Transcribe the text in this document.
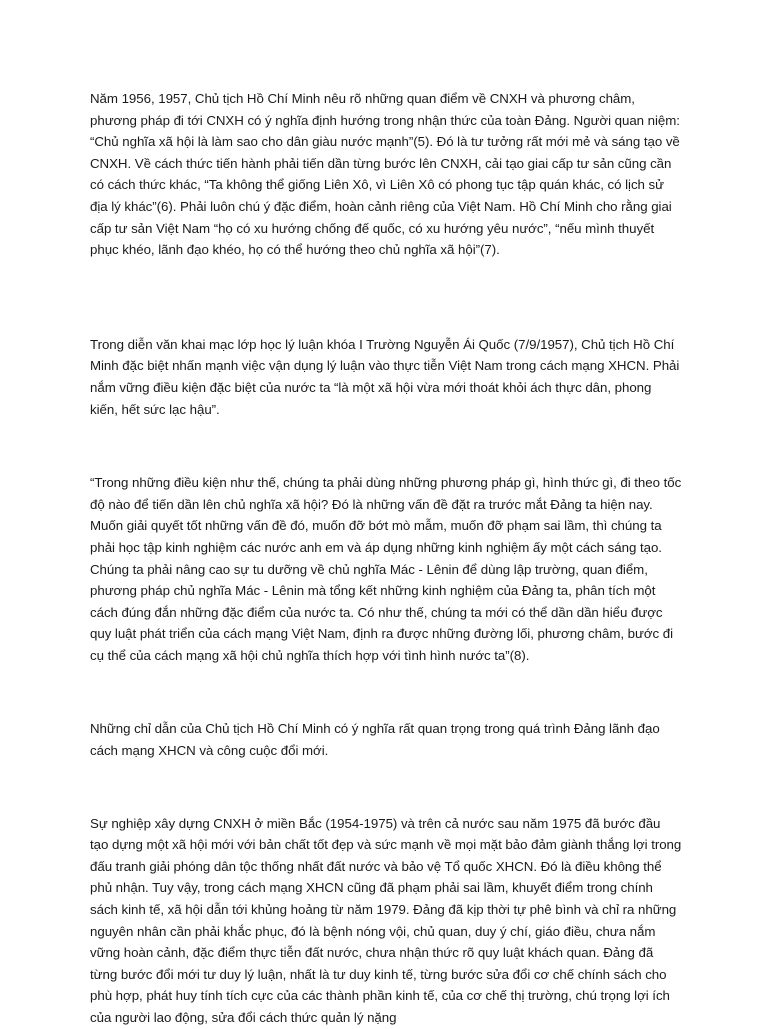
Năm 1956, 1957, Chủ tịch Hồ Chí Minh nêu rõ những quan điểm về CNXH và phương châm, phương pháp đi tới CNXH có ý nghĩa định hướng trong nhận thức của toàn Đảng. Người quan niệm: “Chủ nghĩa xã hội là làm sao cho dân giàu nước mạnh”(5). Đó là tư tưởng rất mới mẻ và sáng tạo về CNXH. Về cách thức tiến hành phải tiến dần từng bước lên CNXH, cải tạo giai cấp tư sản cũng cần có cách thức khác, “Ta không thể giống Liên Xô, vì Liên Xô có phong tục tập quán khác, có lịch sử địa lý khác”(6). Phải luôn chú ý đặc điểm, hoàn cảnh riêng của Việt Nam. Hồ Chí Minh cho rằng giai cấp tư sản Việt Nam “họ có xu hướng chống đế quốc, có xu hướng yêu nước”, “nếu mình thuyết phục khéo, lãnh đạo khéo, họ có thể hướng theo chủ nghĩa xã hội”(7).

Trong diễn văn khai mạc lớp học lý luận khóa I Trường Nguyễn Ái Quốc (7/9/1957), Chủ tịch Hồ Chí Minh đặc biệt nhấn mạnh việc vận dụng lý luận vào thực tiễn Việt Nam trong cách mạng XHCN. Phải nắm vững điều kiện đặc biệt của nước ta “là một xã hội vừa mới thoát khỏi ách thực dân, phong kiến, hết sức lạc hậu”.

“Trong những điều kiện như thế, chúng ta phải dùng những phương pháp gì, hình thức gì, đi theo tốc độ nào để tiến dần lên chủ nghĩa xã hội? Đó là những vấn đề đặt ra trước mắt Đảng ta hiện nay. Muốn giải quyết tốt những vấn đề đó, muốn đỡ bớt mò mẫm, muốn đỡ phạm sai lầm, thì chúng ta phải học tập kinh nghiệm các nước anh em và áp dụng những kinh nghiệm ấy một cách sáng tạo. Chúng ta phải nâng cao sự tu dưỡng về chủ nghĩa Mác - Lênin để dùng lập trường, quan điểm, phương pháp chủ nghĩa Mác - Lênin mà tổng kết những kinh nghiệm của Đảng ta, phân tích một cách đúng đắn những đặc điểm của nước ta. Có như thế, chúng ta mới có thể dần dần hiểu được quy luật phát triển của cách mạng Việt Nam, định ra được những đường lối, phương châm, bước đi cụ thể của cách mạng xã hội chủ nghĩa thích hợp với tình hình nước ta”(8).

Những chỉ dẫn của Chủ tịch Hồ Chí Minh có ý nghĩa rất quan trọng trong quá trình Đảng lãnh đạo cách mạng XHCN và công cuộc đổi mới.

Sự nghiệp xây dựng CNXH ở miền Bắc (1954-1975) và trên cả nước sau năm 1975 đã bước đầu tạo dựng một xã hội mới với bản chất tốt đẹp và sức mạnh về mọi mặt bảo đảm giành thắng lợi trong đấu tranh giải phóng dân tộc thống nhất đất nước và bảo vệ Tổ quốc XHCN. Đó là điều không thể phủ nhận. Tuy vậy, trong cách mạng XHCN cũng đã phạm phải sai lầm, khuyết điểm trong chính sách kinh tế, xã hội dẫn tới khủng hoảng từ năm 1979. Đảng đã kịp thời tự phê bình và chỉ ra những nguyên nhân cần phải khắc phục, đó là bệnh nóng vội, chủ quan, duy ý chí, giáo điều, chưa nắm vững hoàn cảnh, đặc điểm thực tiễn đất nước, chưa nhận thức rõ quy luật khách quan. Đảng đã từng bước đổi mới tư duy lý luận, nhất là tư duy kinh tế, từng bước sửa đổi cơ chế chính sách cho phù hợp, phát huy tính tích cực của các thành phần kinh tế, của cơ chế thị trường, chú trọng lợi ích của người lao động, sửa đổi cách thức quản lý nặng
